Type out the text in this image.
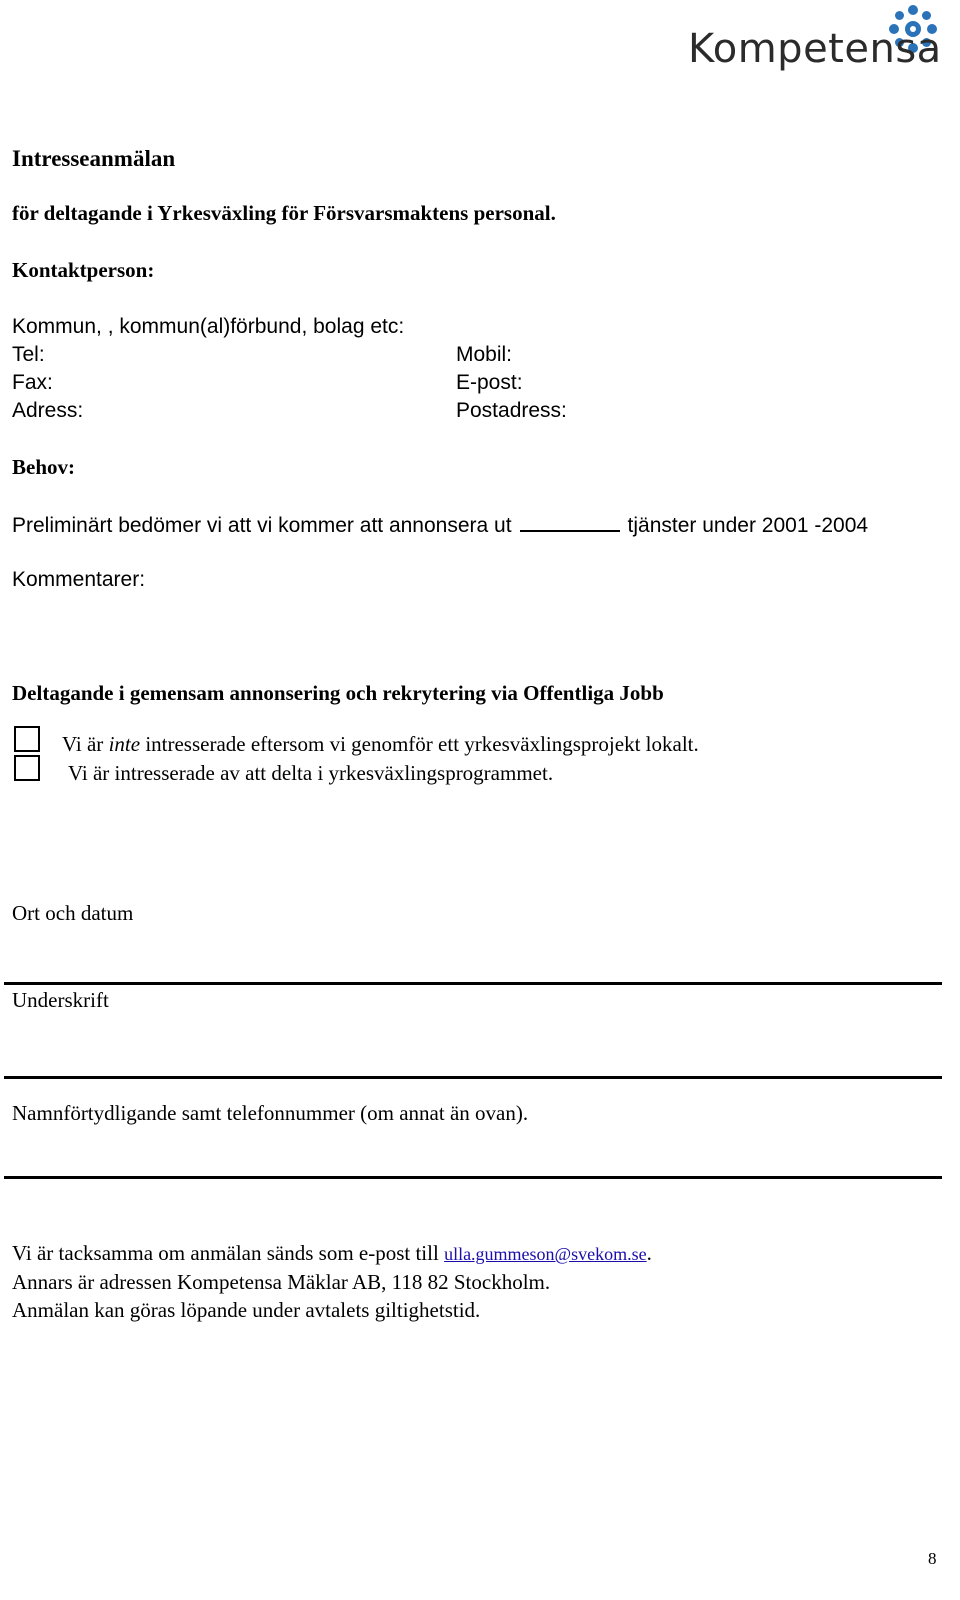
Kompetensa
Intresseanmälan
för deltagande i Yrkesväxling för Försvarsmaktens personal.
Kontaktperson:
Kommun, , kommun(al)förbund, bolag etc:
Tel:	Mobil:
Fax:	E-post:
Adress:	Postadress:
Behov:
Preliminärt bedömer vi att vi kommer att annonsera ut	tjänster under 2001 -2004
Kommentarer:
Deltagande i gemensam annonsering och rekrytering via Offentliga Jobb
Vi är inte intresserade eftersom vi genomför ett yrkesväxlingsprojekt lokalt.
Vi är intresserade av att delta i yrkesväxlingsprogrammet.
Ort och datum
Underskrift
Namnförtydligande samt telefonnummer (om annat än ovan).
Vi är tacksamma om anmälan sänds som e-post till ulla.gummeson@svekom.se.
Annars är adressen Kompetensa Mäklar AB, 118 82 Stockholm.
Anmälan kan göras löpande under avtalets giltighetstid.
8
